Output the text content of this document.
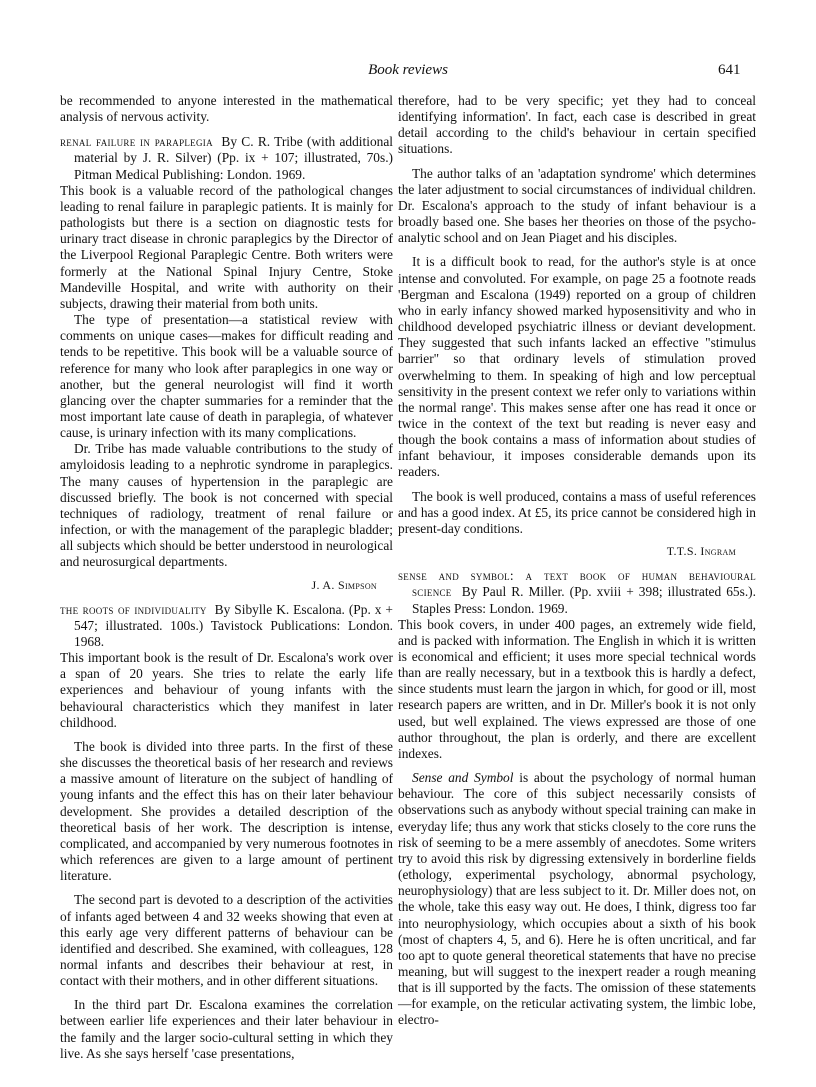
Book reviews	641

be recommended to anyone interested in the mathematical analysis of nervous activity.

renal failure in paraplegia By C. R. Tribe (with additional material by J. R. Silver) (Pp. ix + 107; illustrated, 70s.) Pitman Medical Publishing: London. 1969.

This book is a valuable record of the pathological changes leading to renal failure in paraplegic patients. It is mainly for pathologists but there is a section on diagnostic tests for urinary tract disease in chronic paraplegics by the Director of the Liverpool Regional Paraplegic Centre. Both writers were formerly at the National Spinal Injury Centre, Stoke Mandeville Hospital, and write with authority on their subjects, drawing their material from both units.

The type of presentation—a statistical review with comments on unique cases—makes for difficult reading and tends to be repetitive. This book will be a valuable source of reference for many who look after paraplegics in one way or another, but the general neurologist will find it worth glancing over the chapter summaries for a reminder that the most important late cause of death in paraplegia, of whatever cause, is urinary infection with its many complications.

Dr. Tribe has made valuable contributions to the study of amyloidosis leading to a nephrotic syndrome in paraplegics. The many causes of hypertension in the paraplegic are discussed briefly. The book is not concerned with special techniques of radiology, treatment of renal failure or infection, or with the management of the paraplegic bladder; all subjects which should be better understood in neurological and neurosurgical departments.

J. A. Simpson

the roots of individuality By Sibylle K. Escalona. (Pp. x + 547; illustrated. 100s.) Tavistock Publications: London. 1968.

This important book is the result of Dr. Escalona's work over a span of 20 years. She tries to relate the early life experiences and behaviour of young infants with the behavioural characteristics which they manifest in later childhood.

The book is divided into three parts. In the first of these she discusses the theoretical basis of her research and reviews a massive amount of literature on the subject of handling of young infants and the effect this has on their later behaviour development. She provides a detailed description of the theoretical basis of her work. The description is intense, complicated, and accompanied by very numerous footnotes in which references are given to a large amount of pertinent literature.

The second part is devoted to a description of the activities of infants aged between 4 and 32 weeks showing that even at this early age very different patterns of behaviour can be identified and described. She examined, with colleagues, 128 normal infants and describes their behaviour at rest, in contact with their mothers, and in other different situations.

In the third part Dr. Escalona examines the correlation between earlier life experiences and their later behaviour in the family and the larger socio-cultural setting in which they live. As she says herself 'case presentations,

therefore, had to be very specific; yet they had to conceal identifying information'. In fact, each case is described in great detail according to the child's behaviour in certain specified situations.

The author talks of an 'adaptation syndrome' which determines the later adjustment to social circumstances of individual children. Dr. Escalona's approach to the study of infant behaviour is a broadly based one. She bases her theories on those of the psycho-analytic school and on Jean Piaget and his disciples.

It is a difficult book to read, for the author's style is at once intense and convoluted. For example, on page 25 a footnote reads 'Bergman and Escalona (1949) reported on a group of children who in early infancy showed marked hyposensitivity and who in childhood developed psychiatric illness or deviant development. They suggested that such infants lacked an effective "stimulus barrier" so that ordinary levels of stimulation proved overwhelming to them. In speaking of high and low perceptual sensitivity in the present context we refer only to variations within the normal range'. This makes sense after one has read it once or twice in the context of the text but reading is never easy and though the book contains a mass of information about studies of infant behaviour, it imposes considerable demands upon its readers.

The book is well produced, contains a mass of useful references and has a good index. At £5, its price cannot be considered high in present-day conditions.

T.T.S. Ingram

sense and symbol: a text book of human behavioural science By Paul R. Miller. (Pp. xviii + 398; illustrated 65s.). Staples Press: London. 1969.

This book covers, in under 400 pages, an extremely wide field, and is packed with information. The English in which it is written is economical and efficient; it uses more special technical words than are really necessary, but in a textbook this is hardly a defect, since students must learn the jargon in which, for good or ill, most research papers are written, and in Dr. Miller's book it is not only used, but well explained. The views expressed are those of one author throughout, the plan is orderly, and there are excellent indexes.

Sense and Symbol is about the psychology of normal human behaviour. The core of this subject necessarily consists of observations such as anybody without special training can make in everyday life; thus any work that sticks closely to the core runs the risk of seeming to be a mere assembly of anecdotes. Some writers try to avoid this risk by digressing extensively in borderline fields (ethology, experimental psychology, abnormal psychology, neurophysiology) that are less subject to it. Dr. Miller does not, on the whole, take this easy way out. He does, I think, digress too far into neurophysiology, which occupies about a sixth of his book (most of chapters 4, 5, and 6). Here he is often uncritical, and far too apt to quote general theoretical statements that have no precise meaning, but will suggest to the inexpert reader a rough meaning that is ill supported by the facts. The omission of these statements—for example, on the reticular activating system, the limbic lobe, electro-
